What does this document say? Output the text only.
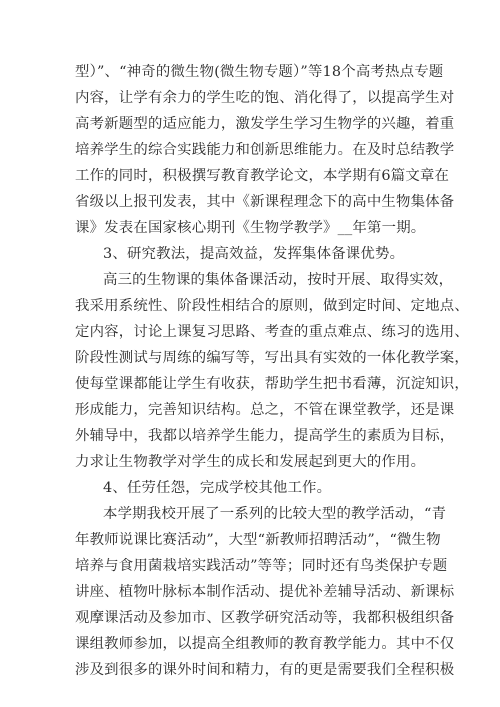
型）”、“神奇的微生物(微生物专题）”等18个高考热点专题
内容，让学有余力的学生吃的饱、消化得了，以提高学生对
高考新题型的适应能力，激发学生学习生物学的兴趣，着重
培养学生的综合实践能力和创新思维能力。在及时总结教学
工作的同时，积极撰写教育教学论文，本学期有6篇文章在
省级以上报刊发表，其中《新课程理念下的高中生物集体备
课》发表在国家核心期刊《生物学教学》__年第一期。
3、研究教法，提高效益，发挥集体备课优势。
高三的生物课的集体备课活动，按时开展、取得实效，
我采用系统性、阶段性相结合的原则，做到定时间、定地点、
定内容，讨论上课复习思路、考查的重点难点、练习的选用、
阶段性测试与周练的编写等，写出具有实效的一体化教学案，
使每堂课都能让学生有收获，帮助学生把书看薄，沉淀知识，
形成能力，完善知识结构。总之，不管在课堂教学，还是课
外辅导中，我都以培养学生能力，提高学生的素质为目标，
力求让生物教学对学生的成长和发展起到更大的作用。
4、任劳任怨，完成学校其他工作。
本学期我校开展了一系列的比较大型的教学活动，“青
年教师说课比赛活动”，大型“新教师招聘活动”，“微生物
培养与食用菌栽培实践活动”等等；同时还有鸟类保护专题
讲座、植物叶脉标本制作活动、提优补差辅导活动、新课标
观摩课活动及参加市、区教学研究活动等，我都积极组织备
课组教师参加，以提高全组教师的教育教学能力。其中不仅
涉及到很多的课外时间和精力，有的更是需要我们全程积极
